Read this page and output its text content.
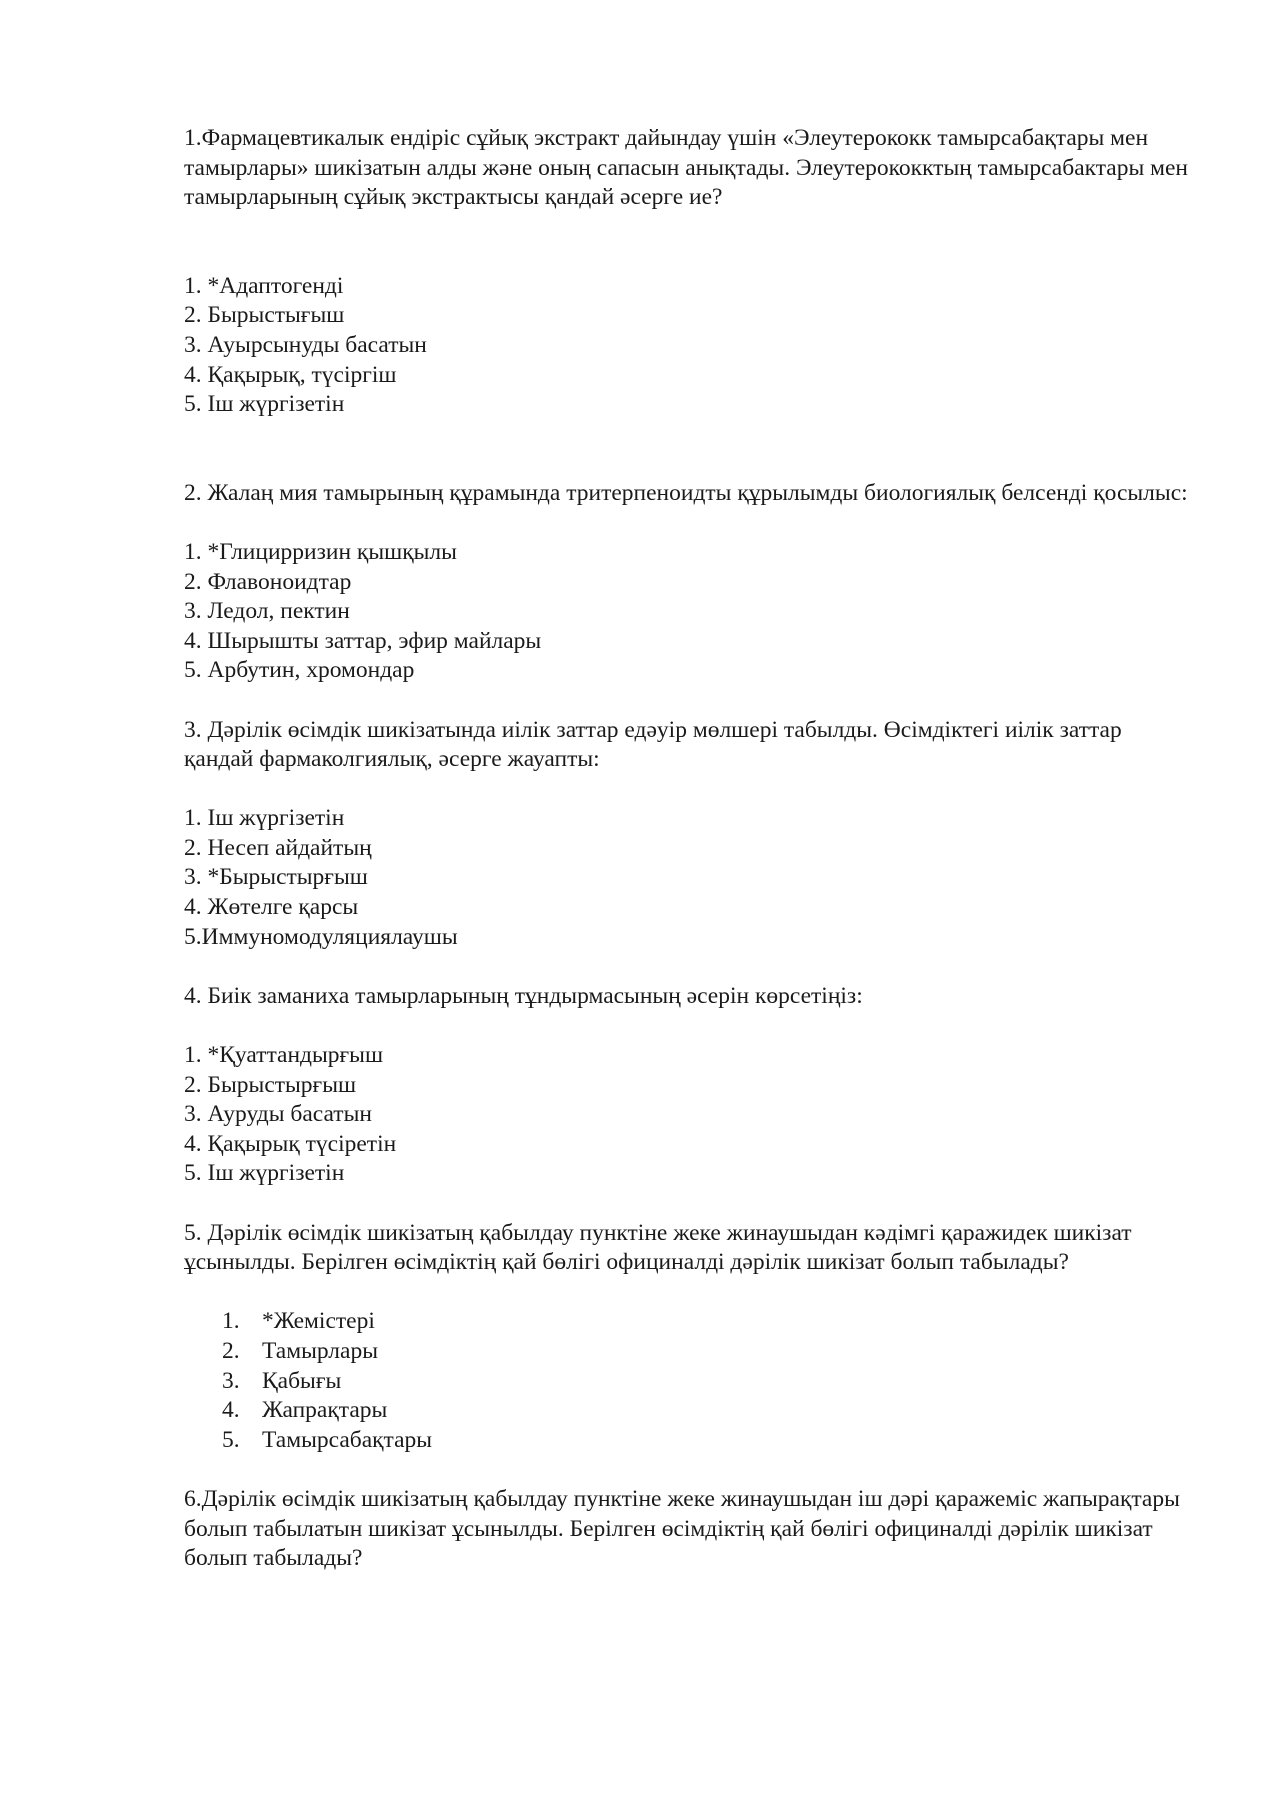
1.Фармацевтикалык ендіріс сұйық экстракт дайындау үшін «Элеутерококк тамырсабақтары мен тамырлары» шикізатын алды және оның сапасын анықтады. Элеутерококктың тамырсабактары мен тамырларының сұйық экстрактысы қандай әсерге ие?

1. *Адаптогенді
2. Бырыстығыш
3. Ауырсынуды басатын
4. Қақырық, түсіргіш
5. Іш жүргізетін

2. Жалаң мия тамырының құрамында тритерпеноидты құрылымды биологиялық белсенді қосылыс:

1. *Глицирризин қышқылы
2. Флавоноидтар
3. Ледол, пектин
4. Шырышты заттар, эфир майлары
5. Арбутин, хромондар

3. Дәрілік өсімдік шикізатында иілік заттар едәуір мөлшері табылды. Өсімдіктегі иілік заттар қандай фармаколгиялық, әсерге жауапты:

1. Іш жүргізетін
2. Несеп айдайтың
3. *Бырыстырғыш
4. Жөтелге қарсы
5.Иммуномодуляциялаушы

4. Биік заманиха тамырларының тұндырмасының әсерін көрсетіңіз:

1. *Қуаттандырғыш
2. Бырыстырғыш
3. Ауруды басатын
4. Қақырық түсіретін
5. Іш жүргізетін

5. Дәрілік өсімдік шикізатың қабылдау пунктіне жеке жинаушыдан кәдімгі қаражидек шикізат ұсынылды. Берілген өсімдіктің қай бөлігі официналді дәрілік шикізат болып табылады?

1. *Жемістері
2. Тамырлары
3. Қабығы
4. Жапрақтары
5. Тамырсабақтары

6.Дәрілік өсімдік шикізатың қабылдау пунктіне жеке жинаушыдан іш дәрі қаражеміс жапырақтары болып табылатын шикізат ұсынылды. Берілген өсімдіктің қай бөлігі официналді дәрілік шикізат болып табылады?
